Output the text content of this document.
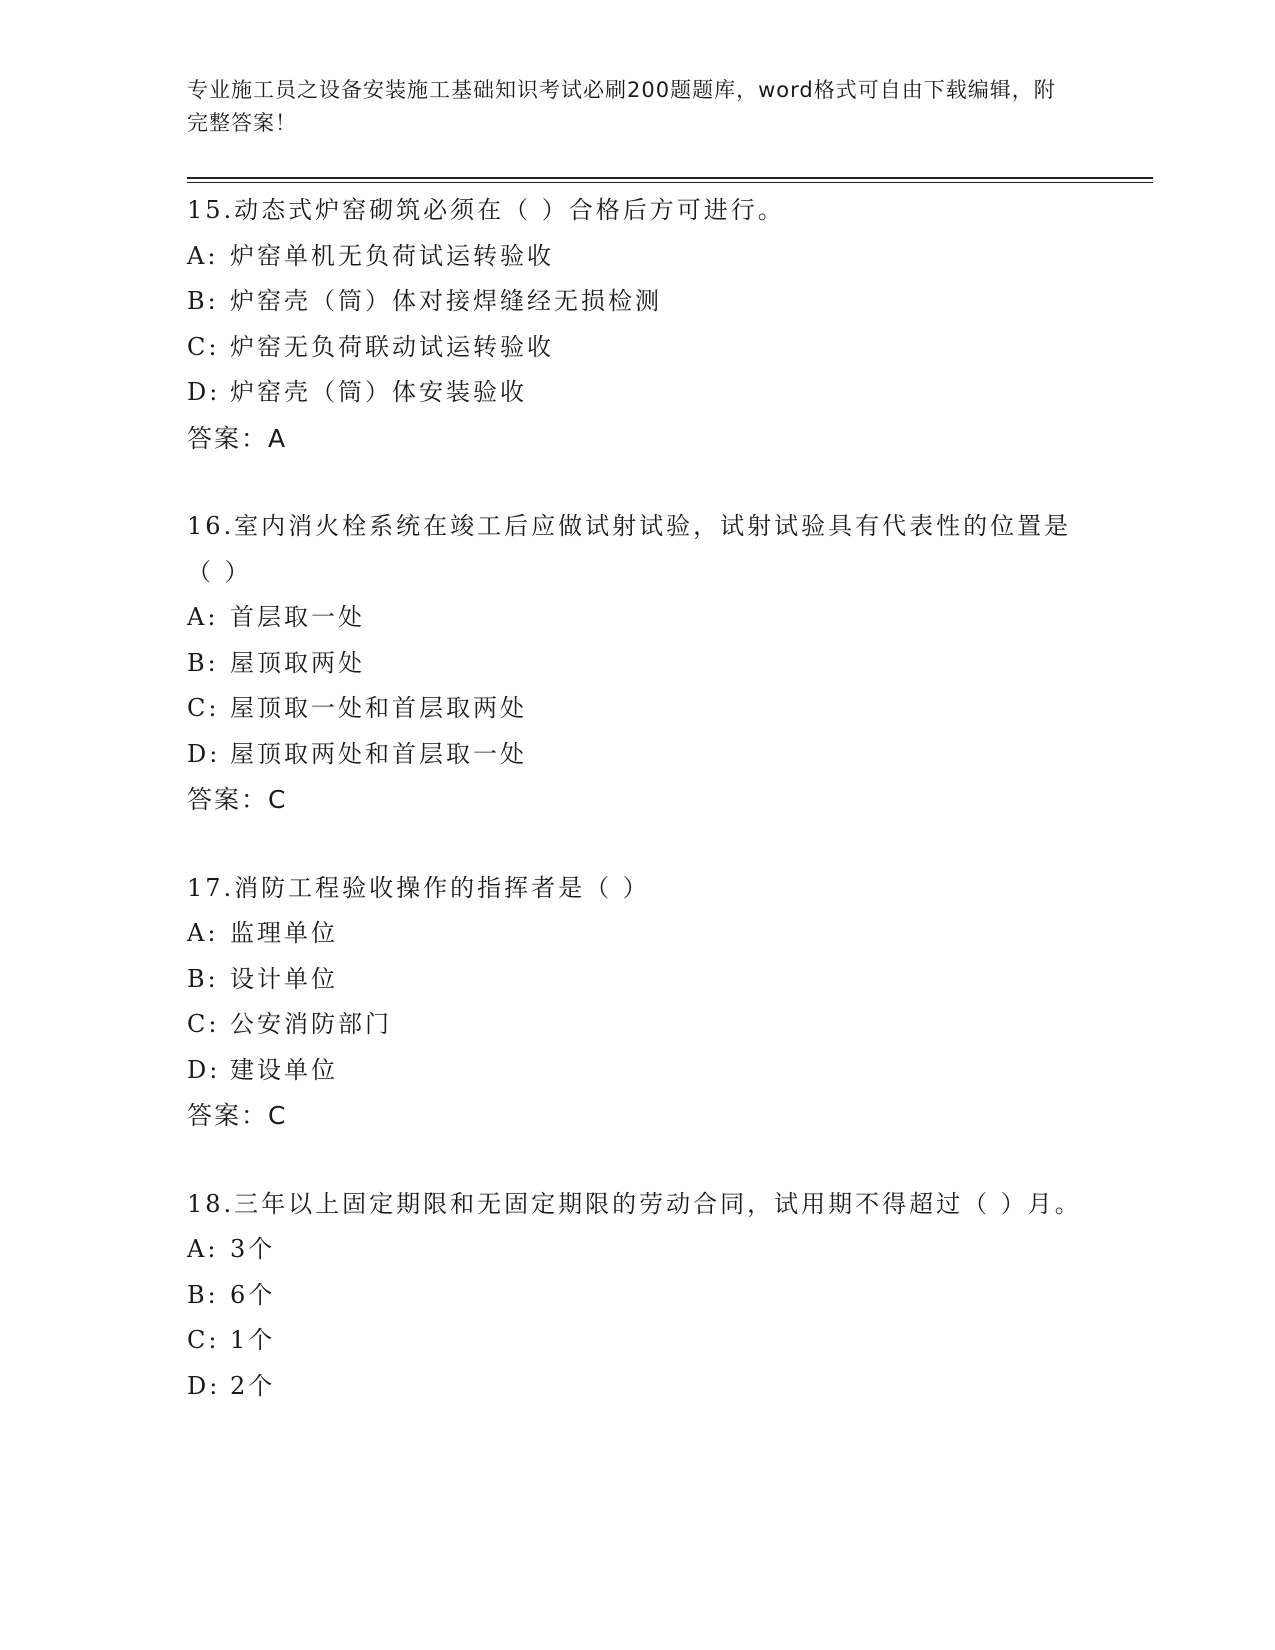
专业施工员之设备安装施工基础知识考试必刷200题题库，word格式可自由下载编辑，附完整答案！

15.动态式炉窑砌筑必须在（ ）合格后方可进行。

A: 炉窑单机无负荷试运转验收

B: 炉窑壳（筒）体对接焊缝经无损检测

C: 炉窑无负荷联动试运转验收

D: 炉窑壳（筒）体安装验收

答案：A

16.室内消火栓系统在竣工后应做试射试验，试射试验具有代表性的位置是（ ）

A: 首层取一处

B: 屋顶取两处

C: 屋顶取一处和首层取两处

D: 屋顶取两处和首层取一处

答案：C

17.消防工程验收操作的指挥者是（ ）

A: 监理单位

B: 设计单位

C: 公安消防部门

D: 建设单位

答案：C

18.三年以上固定期限和无固定期限的劳动合同，试用期不得超过（ ）月。

A: 3个

B: 6个

C: 1个

D: 2个
